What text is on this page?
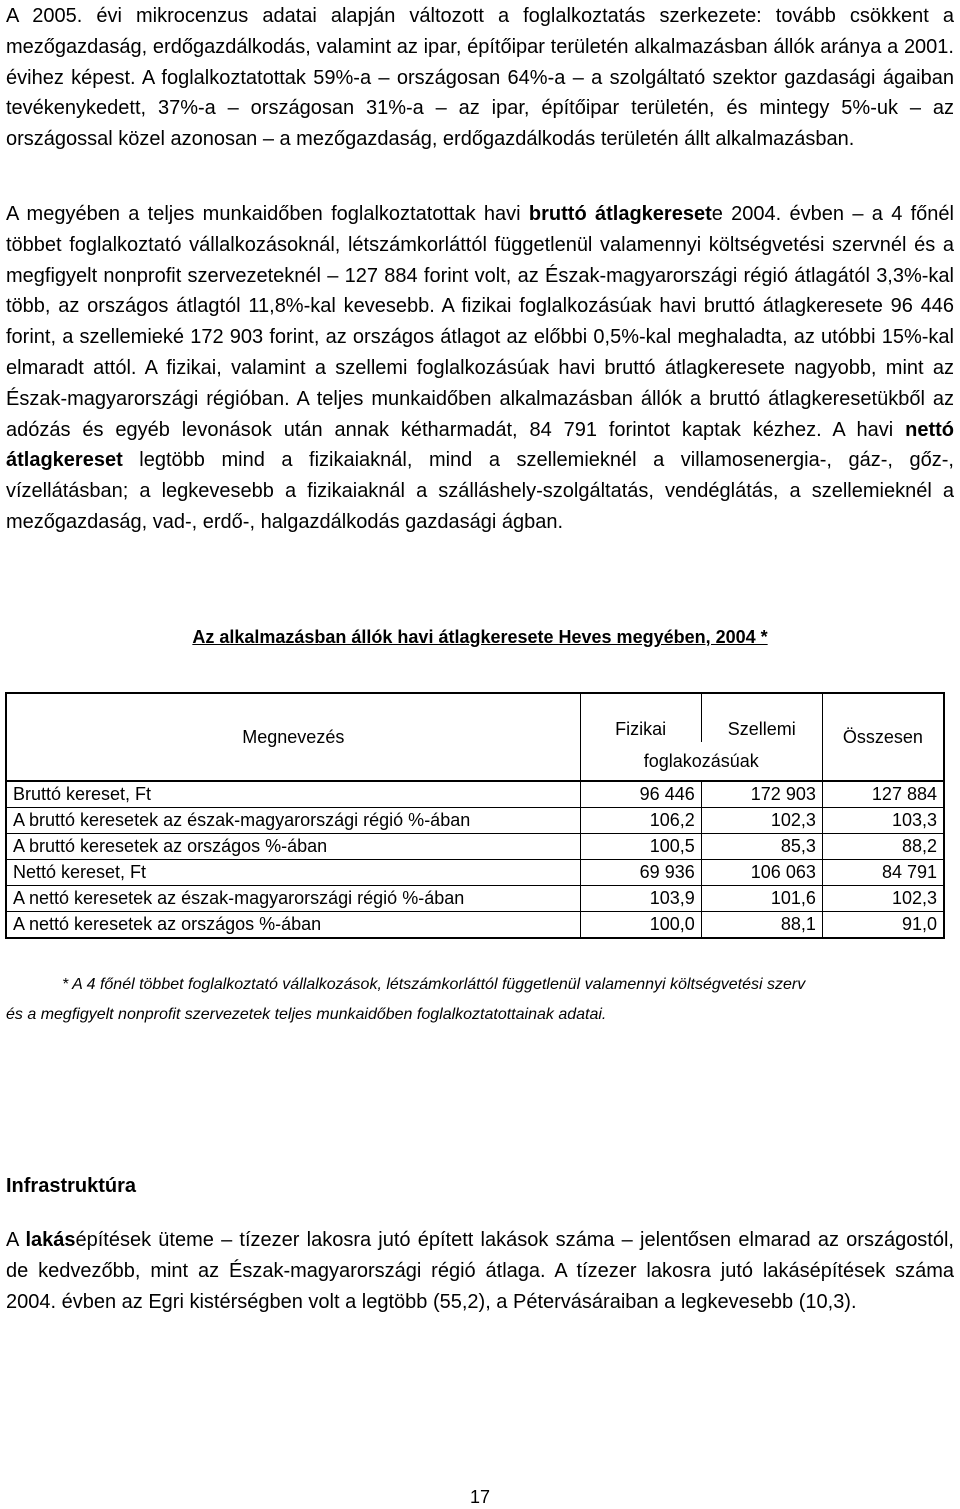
A 2005. évi mikrocenzus adatai alapján változott a foglalkoztatás szerkezete: tovább csökkent a mezőgazdaság, erdőgazdálkodás, valamint az ipar, építőipar területén alkalmazásban állók aránya a 2001. évihez képest. A foglalkoztatottak 59%-a – országosan 64%-a – a szolgáltató szektor gazdasági ágaiban tevékenykedett, 37%-a – országosan 31%-a – az ipar, építőipar területén, és mintegy 5%-uk – az országossal közel azonosan – a mezőgazdaság, erdőgazdálkodás területén állt alkalmazásban.

A megyében a teljes munkaidőben foglalkoztatottak havi bruttó átlagkeresete 2004. évben – a 4 főnél többet foglalkoztató vállalkozásoknál, létszámkorláttól függetlenül valamennyi költségvetési szervnél és a megfigyelt nonprofit szervezeteknél – 127 884 forint volt, az Észak-magyarországi régió átlagától 3,3%-kal több, az országos átlagtól 11,8%-kal kevesebb. A fizikai foglalkozásúak havi bruttó átlagkeresete 96 446 forint, a szellemieké 172 903 forint, az országos átlagot az előbbi 0,5%-kal meghaladta, az utóbbi 15%-kal elmaradt attól. A fizikai, valamint a szellemi foglalkozásúak havi bruttó átlagkeresete nagyobb, mint az Észak-magyarországi régióban. A teljes munkaidőben alkalmazásban állók a bruttó átlagkeresetükből az adózás és egyéb levonások után annak kétharmadát, 84 791 forintot kaptak kézhez. A havi nettó átlagkereset legtöbb mind a fizikaiaknál, mind a szellemieknél a villamosenergia-, gáz-, gőz-, vízellátásban; a legkevesebb a fizikaiaknál a szálláshely-szolgáltatás, vendéglátás, a szellemieknél a mezőgazdaság, vad-, erdő-, halgazdálkodás gazdasági ágban.

Az alkalmazásban állók havi átlagkeresete Heves megyében, 2004 *

Megnevezés	Fizikai	Szellemi	Összesen
	foglakozásúak		
Bruttó kereset, Ft	96 446	172 903	127 884
A bruttó keresetek az észak-magyarországi régió %-ában	106,2	102,3	103,3
A bruttó keresetek az országos %-ában	100,5	85,3	88,2
Nettó kereset, Ft	69 936	106 063	84 791
A nettó keresetek az észak-magyarországi régió %-ában	103,9	101,6	102,3
A nettó keresetek az országos %-ában	100,0	88,1	91,0

* A 4 főnél többet foglalkoztató vállalkozások, létszámkorláttól függetlenül valamennyi költségvetési szerv

és a megfigyelt nonprofit szervezetek teljes munkaidőben foglalkoztatottainak adatai.

Infrastruktúra

A lakásépítések üteme – tízezer lakosra jutó épített lakások száma – jelentősen elmarad az országostól, de kedvezőbb, mint az Észak-magyarországi régió átlaga. A tízezer lakosra jutó lakásépítések száma 2004. évben az Egri kistérségben volt a legtöbb (55,2), a Pétervásáraiban a legkevesebb (10,3).

17
